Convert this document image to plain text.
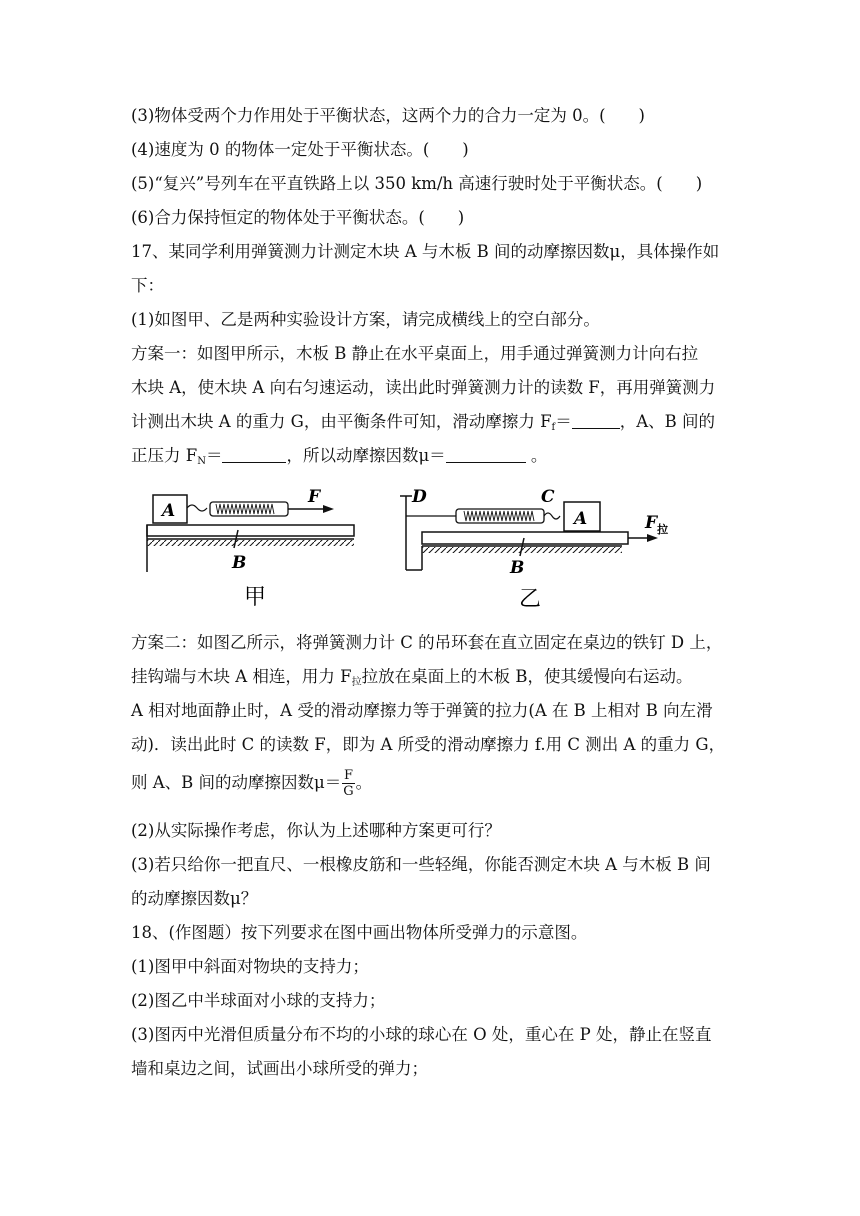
(3)物体受两个力作用处于平衡状态，这两个力的合力一定为 0。(　　)
(4)速度为 0 的物体一定处于平衡状态。(　　)
(5)“复兴”号列车在平直铁路上以 350 km/h 高速行驶时处于平衡状态。(　　)
(6)合力保持恒定的物体处于平衡状态。(　　)
17、某同学利用弹簧测力计测定木块 A 与木板 B 间的动摩擦因数μ，具体操作如
下：
(1)如图甲、乙是两种实验设计方案，请完成横线上的空白部分。
方案一：如图甲所示，木板 B 静止在水平桌面上，用手通过弹簧测力计向右拉
木块 A，使木块 A 向右匀速运动，读出此时弹簧测力计的读数 F，再用弹簧测力
计测出木块 A 的重力 G，由平衡条件可知，滑动摩擦力 $F_f=$	，A、B 间的
正压力 $F_N=$	，所以动摩擦因数μ＝	。
A
F
B
甲
D	C
A	$F_拉$
B
乙
方案二：如图乙所示，将弹簧测力计 C 的吊环套在直立固定在桌边的铁钉 D 上，
挂钩端与木块 A 相连，用力 $F_拉$拉放在桌面上的木板 B，使其缓慢向右运动。
A 相对地面静止时，A 受的滑动摩擦力等于弹簧的拉力(A 在 B 上相对 B 向左滑
动)．读出此时 C 的读数 F，即为 A 所受的滑动摩擦力 f.用 C 测出 A 的重力 G，
则 A、B 间的动摩擦因数$\mu= \frac{F}{G}$ 。
(2)从实际操作考虑，你认为上述哪种方案更可行？
(3)若只给你一把直尺、一根橡皮筋和一些轻绳，你能否测定木块 A 与木板 B 间
的动摩擦因数μ？
18、(作图题）按下列要求在图中画出物体所受弹力的示意图。
(1)图甲中斜面对物块的支持力；
(2)图乙中半球面对小球的支持力；
(3)图丙中光滑但质量分布不均的小球的球心在 O 处，重心在 P 处，静止在竖直
墙和桌边之间，试画出小球所受的弹力；
